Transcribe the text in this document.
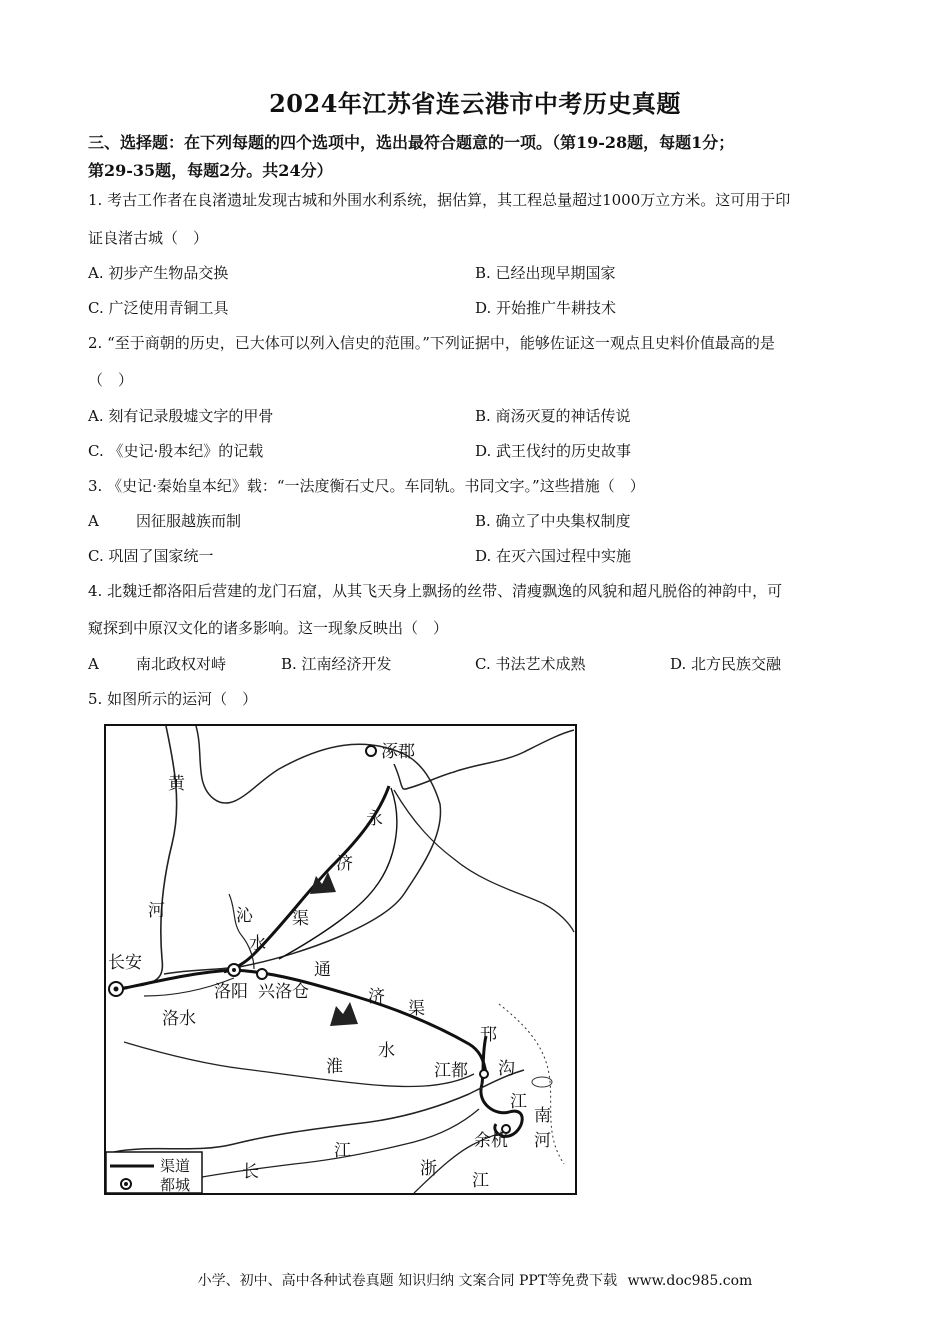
2024年江苏省连云港市中考历史真题
三、选择题：在下列每题的四个选项中，选出最符合题意的一项。（第19-28题，每题1分；
第29-35题，每题2分。共24分）
1. 考古工作者在良渚遗址发现古城和外围水利系统，据估算，其工程总量超过1000万立方米。这可用于印
证良渚古城（　）
A. 初步产生物品交换	B. 已经出现早期国家
C. 广泛使用青铜工具	D. 开始推广牛耕技术
2. “至于商朝的历史，已大体可以列入信史的范围。”下列证据中，能够佐证这一观点且史料价值最高的是
（　）
A. 刻有记录殷墟文字的甲骨	B. 商汤灭夏的神话传说
C. 《史记·殷本纪》的记载	D. 武王伐纣的历史故事
3. 《史记·秦始皇本纪》载：“一法度衡石丈尺。车同轨。书同文字。”这些措施（　）
A 因征服越族而制	B. 确立了中央集权制度
C. 巩固了国家统一	D. 在灭六国过程中实施
4. 北魏迁都洛阳后营建的龙门石窟，从其飞天身上飘扬的丝带、清瘦飘逸的风貌和超凡脱俗的神韵中，可
窥探到中原汉文化的诸多影响。这一现象反映出（　）
A 南北政权对峙	B. 江南经济开发	C. 书法艺术成熟	D. 北方民族交融
5. 如图所示的运河（　）
涿郡
黄
河
永
济
沁 渠
水
长安	通
洛阳 兴洛仓	济
渠
洛水
邗
沟
淮
水
江都
江
南
河
余杭
长
江
浙
江
渠道
都城
小学、初中、高中各种试卷真题 知识归纳 文案合同 PPT等免费下载 www.doc985.com
